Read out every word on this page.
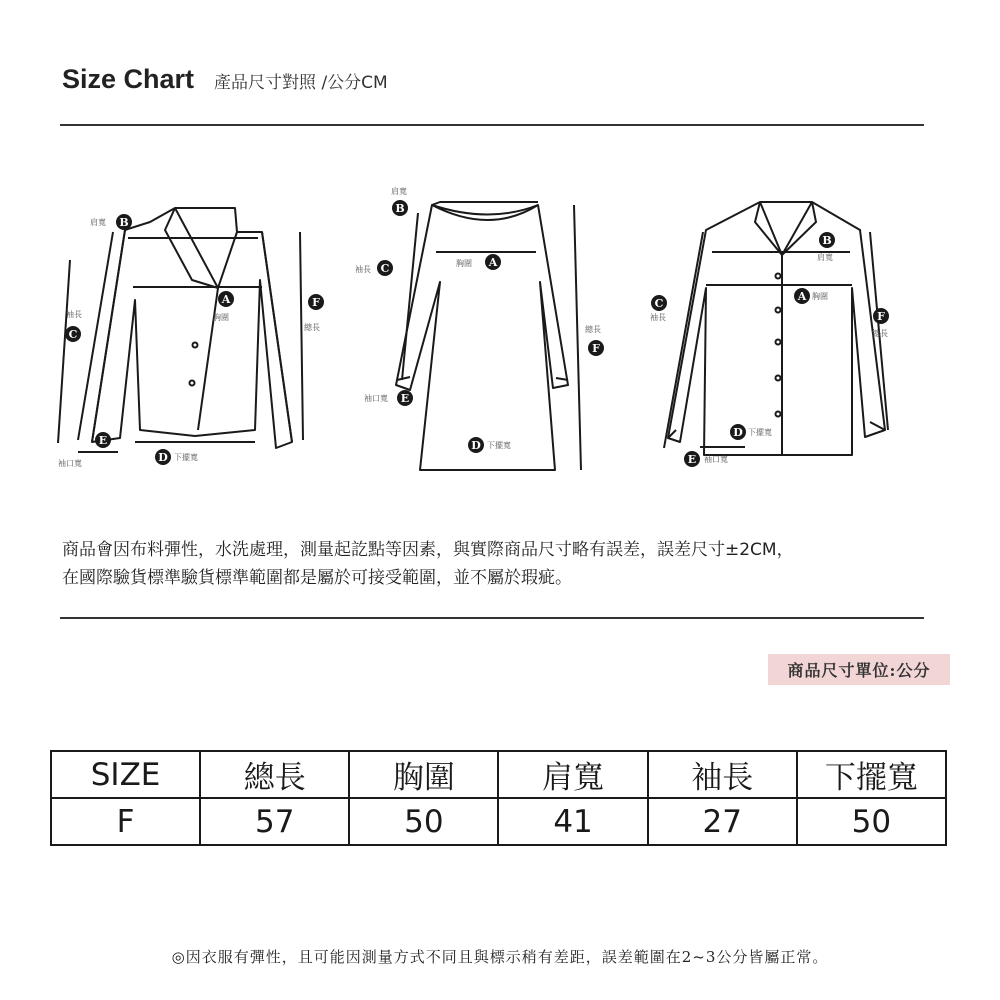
Size Chart 產品尺寸對照 /公分CM
B
A	F
C
E
D
B
A
C
F
E
D
B
A
C
F
D
E
肩寬
胸圍
總長
袖長
袖口寬
下擺寬
肩寬
胸圍
袖長
總長
袖口寬
下擺寬
肩寬
胸圍
袖長
總長
下擺寬
袖口寬
商品會因布料彈性，水洗處理，測量起訖點等因素，與實際商品尺寸略有誤差，誤差尺寸±2CM，
在國際驗貨標準驗貨標準範圍都是屬於可接受範圍，並不屬於瑕疵。
商品尺寸單位:公分
SIZE	總長	胸圍	肩寬	袖長	下擺寬
F	57	50	41	27	50
◎因衣服有彈性，且可能因測量方式不同且與標示稍有差距，誤差範圍在2~3公分皆屬正常。
